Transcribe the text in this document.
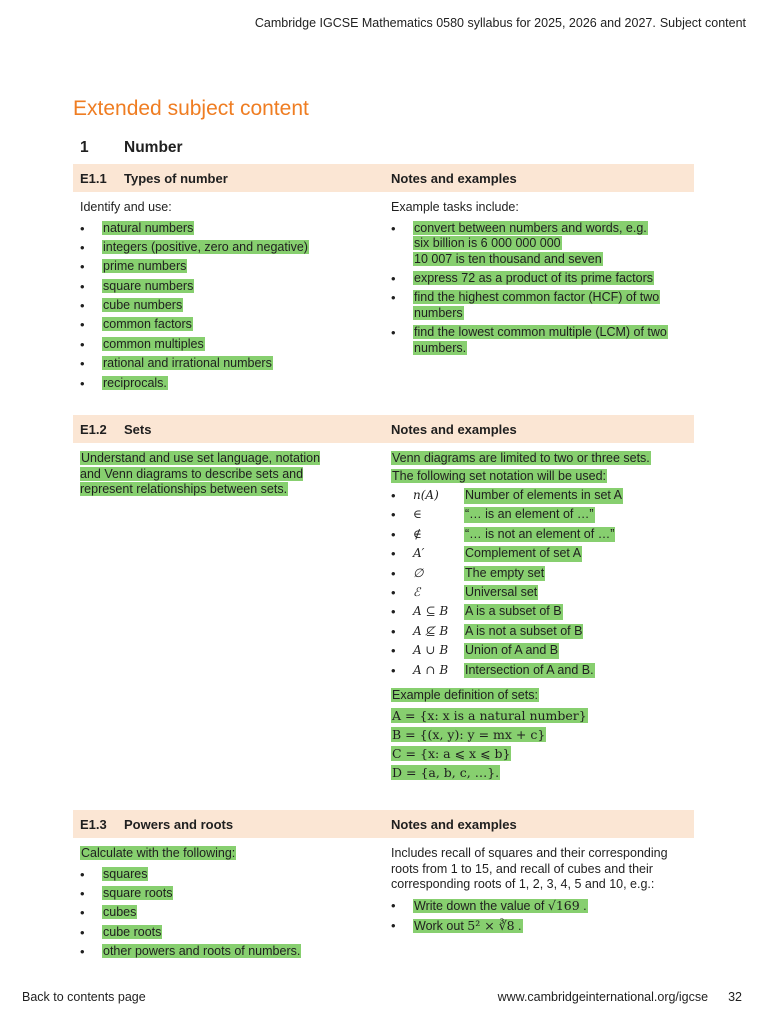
Cambridge IGCSE Mathematics 0580 syllabus for 2025, 2026 and 2027. Subject content
Extended subject content
1 Number
E1.1 Types of number	Notes and examples
Identify and use:
• natural numbers
• integers (positive, zero and negative)
• prime numbers
• square numbers
• cube numbers
• common factors
• common multiples
• rational and irrational numbers
• reciprocals.
Example tasks include:
• convert between numbers and words, e.g.
six billion is 6 000 000 000
10 007 is ten thousand and seven
• express 72 as a product of its prime factors
• find the highest common factor (HCF) of two
numbers
• find the lowest common multiple (LCM) of two
numbers.
E1.2 Sets	Notes and examples
Understand and use set language, notation and Venn diagrams to describe sets and represent relationships between sets.
Venn diagrams are limited to two or three sets.
The following set notation will be used:
• n(A)	Number of elements in set A
• ∈	“… is an element of …”
• ∉	“… is not an element of …”
• A′	Complement of set A
• ∅	The empty set
• ℰ	Universal set
• A ⊆ B	A is a subset of B
• A ⊈ B	A is not a subset of B
• A ∪ B	Union of A and B
• A ∩ B	Intersection of A and B.
Example definition of sets:
A = {x: x is a natural number}
B = {(x, y): y = mx + c}
C = {x: a ⩽ x ⩽ b}
D = {a, b, c, …}.
E1.3 Powers and roots	Notes and examples
Calculate with the following:
• squares
• square roots
• cubes
• cube roots
• other powers and roots of numbers.
Includes recall of squares and their corresponding roots from 1 to 15, and recall of cubes and their corresponding roots of 1, 2, 3, 4, 5 and 10, e.g.:
• Write down the value of √169 .
• Work out 5² × ∛8 .
Back to contents page	www.cambridgeinternational.org/igcse 32
